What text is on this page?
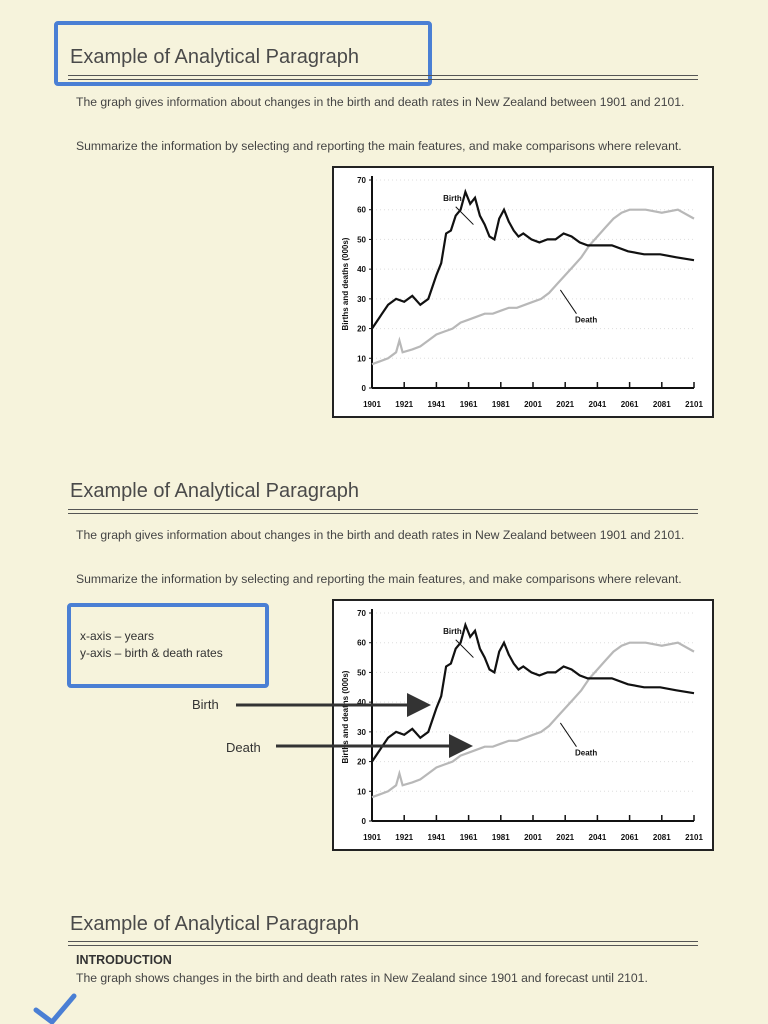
Example of Analytical Paragraph
The graph gives information about changes in the birth and death rates in New Zealand between 1901 and 2101.
Summarize the information by selecting and reporting the main features, and make comparisons where relevant.
0
10
20
30
40
50
60
70
1901 1921 1941 1961 1981 2001 2021 2041 2061 2081 2101
Births and deaths (000s)
Birth
Death
Example of Analytical Paragraph
The graph gives information about changes in the birth and death rates in New Zealand between 1901 and 2101.
Summarize the information by selecting and reporting the main features, and make comparisons where relevant.
x-axis – years
y-axis – birth & death rates
0
10
20
30
40
50
60
70
1901 1921 1941 1961 1981 2001 2021 2041 2061 2081 2101
Births and deaths (000s)
Birth
Death
Birth
Death
Example of Analytical Paragraph
INTRODUCTION
The graph shows changes in the birth and death rates in New Zealand since 1901 and forecast until 2101.
